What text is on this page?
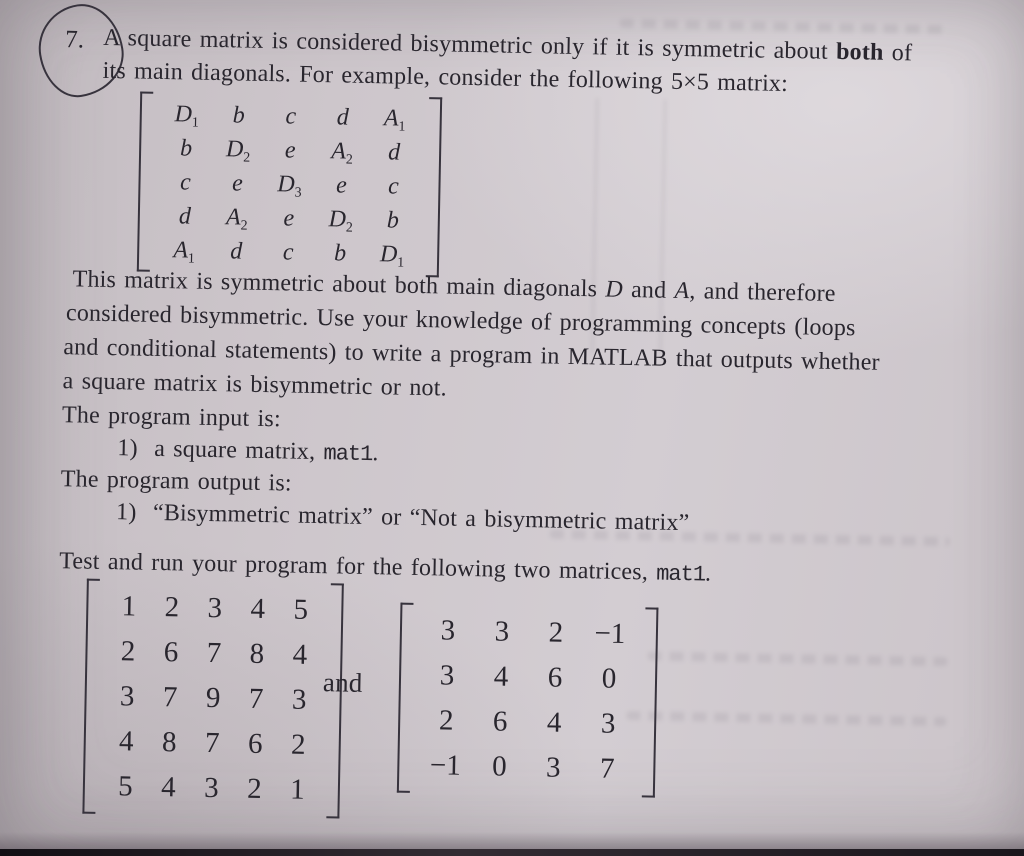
7. A square matrix is considered bisymmetric only if it is symmetric about both of
its main diagonals. For example, consider the following 5×5 matrix:
$D_1$ b c d $A_1$
b $D_2$ e $A_2$ d
c e $D_3$ e c
d $A_2$ e $D_2$ b
$A_1$ d c b $D_1$
This matrix is symmetric about both main diagonals D and A, and therefore
considered bisymmetric. Use your knowledge of programming concepts (loops
and conditional statements) to write a program in MATLAB that outputs whether
a square matrix is bisymmetric or not.
The program input is:
1) a square matrix, mat1.
The program output is:
1) “Bisymmetric matrix” or “Not a bisymmetric matrix”
Test and run your program for the following two matrices, mat1.
1 2 3 4 5
2 6 7 8 4
3 7 9 7 3
4 8 7 6 2
5 4 3 2 1
and
3 3 2 −1
3 4 6 0
2 6 4 3
−1 0 3 7
